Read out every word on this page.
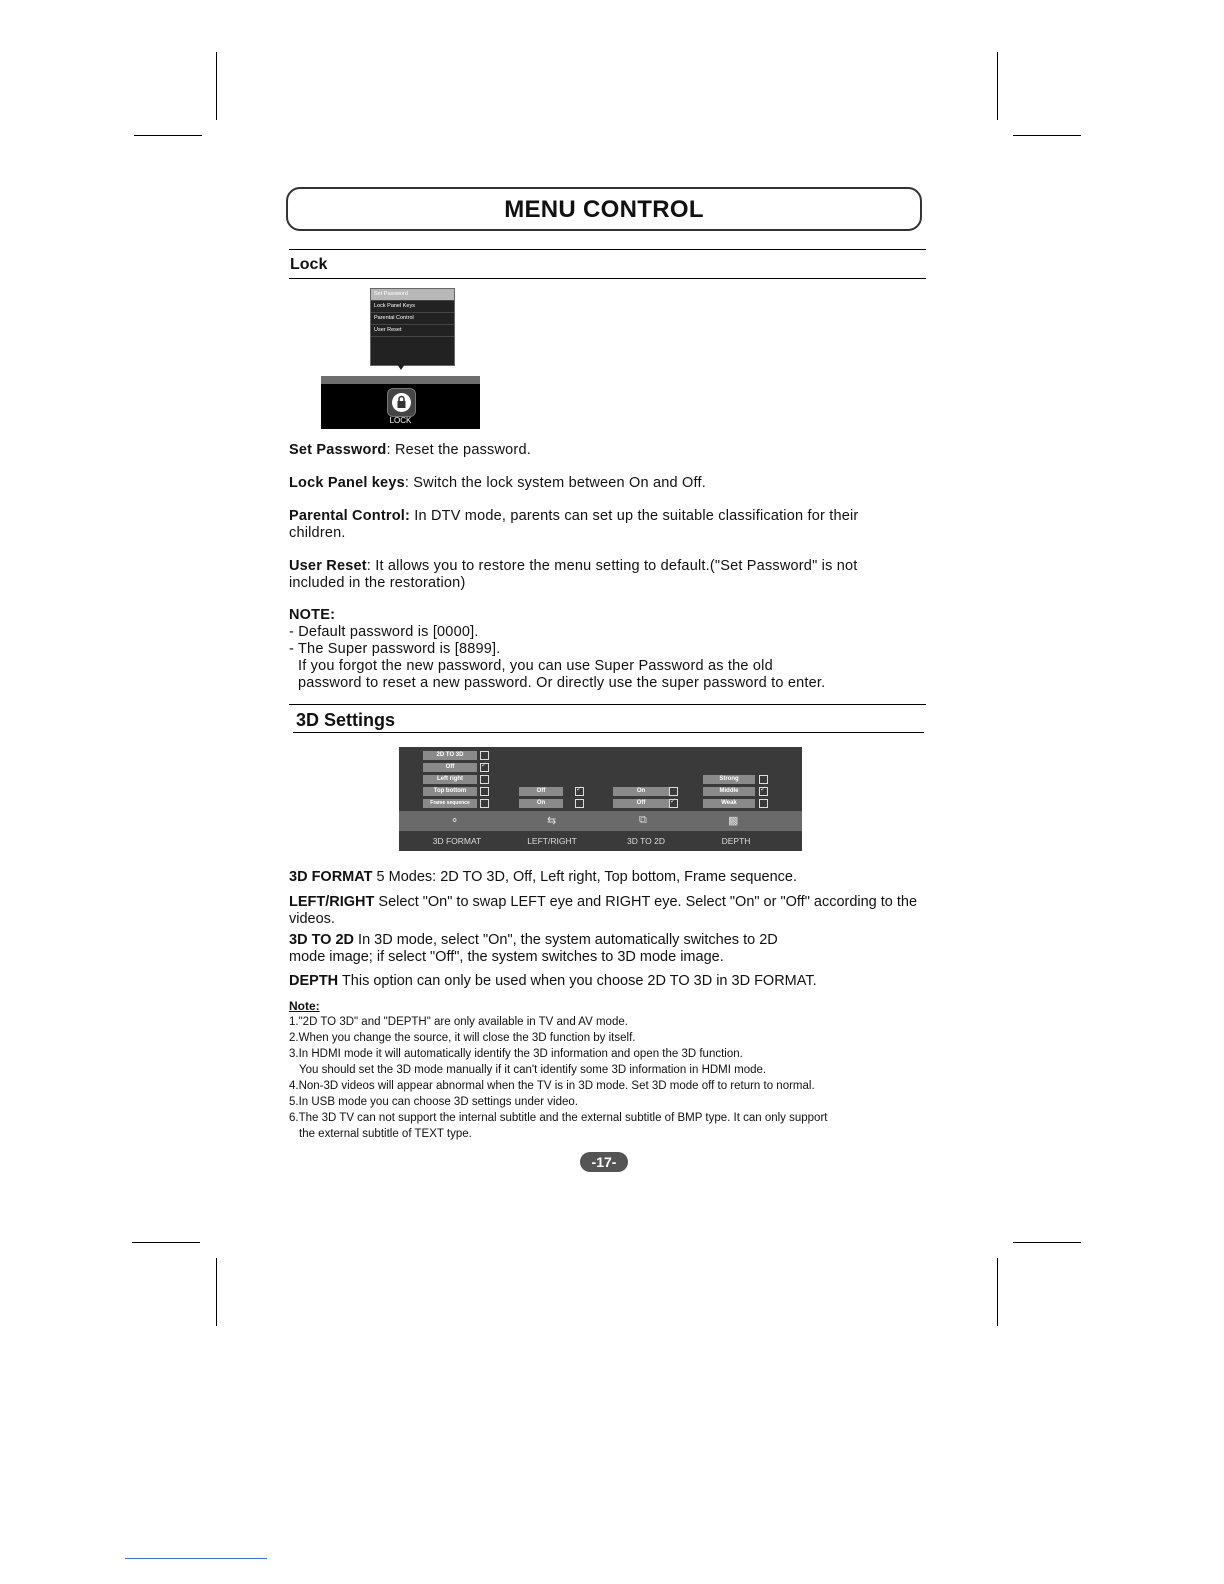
MENU CONTROL
Lock
Set Password
Lock Panel Keys
Parental Control
User Reset
LOCK
Set Password: Reset the password.
Lock Panel keys: Switch the lock system between On and Off.
Parental Control: In DTV mode, parents can set up the suitable classification for their children.
User Reset: It allows you to restore the menu setting to default.("Set Password" is not included in the restoration)
NOTE:
- Default password is [0000].
- The Super password is [8899].
If you forgot the new password, you can use Super Password as the old
password to reset a new password. Or directly use the super password to enter.
3D Settings
2D TO 3D
Off
✓
Left right
Top bottom
Frame sequence
Off
✓
On
On
Off
✓
Strong
Middle
✓
Weak
⚬	⇆	⧉	▩
3D FORMAT	LEFT/RIGHT	3D TO 2D	DEPTH
3D FORMAT 5 Modes: 2D TO 3D, Off, Left right, Top bottom, Frame sequence.
LEFT/RIGHT Select "On" to swap LEFT eye and RIGHT eye. Select "On" or "Off" according to the videos.
3D TO 2D In 3D mode, select "On", the system automatically switches to 2D mode image; if select "Off", the system switches to 3D mode image.
DEPTH This option can only be used when you choose 2D TO 3D in 3D FORMAT.
Note:
1."2D TO 3D" and "DEPTH" are only available in TV and AV mode.
2.When you change the source, it will close the 3D function by itself.
3.In HDMI mode it will automatically identify the 3D information and open the 3D function.
You should set the 3D mode manually if it can't identify some 3D information in HDMI mode.
4.Non-3D videos will appear abnormal when the TV is in 3D mode. Set 3D mode off to return to normal.
5.In USB mode you can choose 3D settings under video.
6.The 3D TV can not support the internal subtitle and the external subtitle of BMP type. It can only support
the external subtitle of TEXT type.
-17-
